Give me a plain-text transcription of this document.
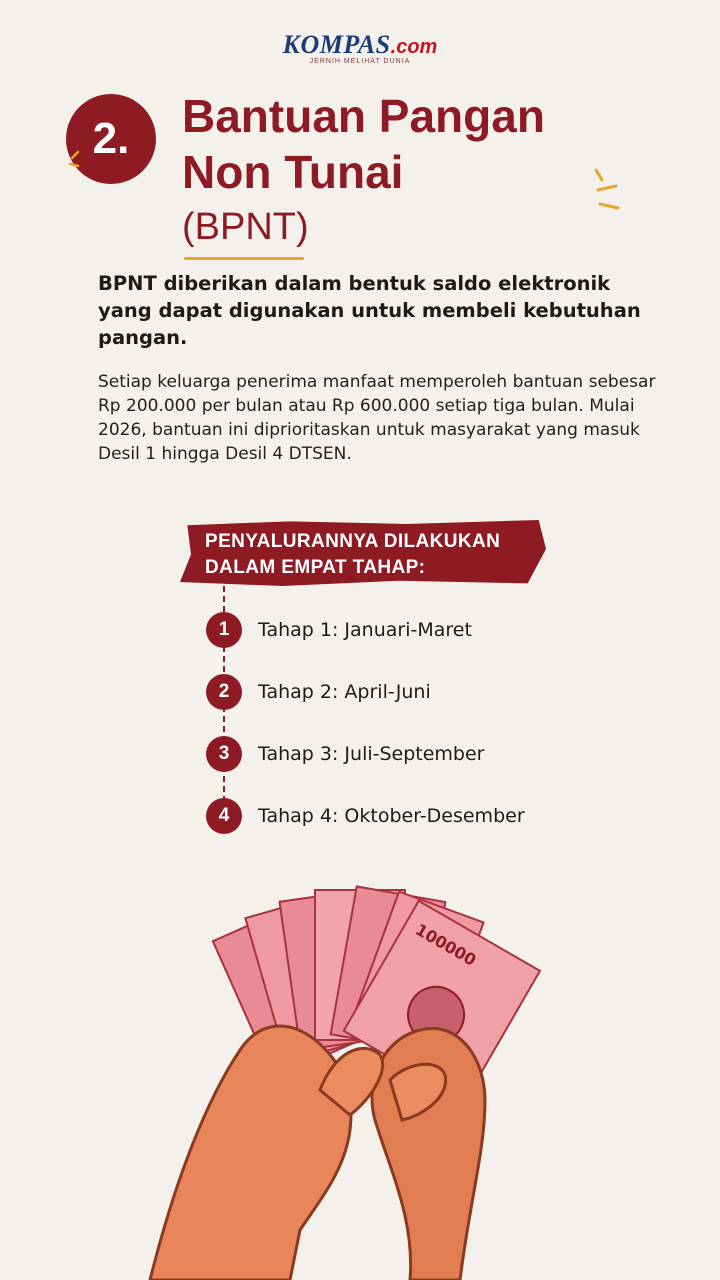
KOMPAS.com
JERNIH MELIHAT DUNIA
2.	Bantuan Pangan
Non Tunai
(BPNT)
BPNT diberikan dalam bentuk saldo elektronik yang dapat digunakan untuk membeli kebutuhan pangan.
Setiap keluarga penerima manfaat memperoleh bantuan sebesar Rp 200.000 per bulan atau Rp 600.000 setiap tiga bulan. Mulai 2026, bantuan ini diprioritaskan untuk masyarakat yang masuk Desil 1 hingga Desil 4 DTSEN.
PENYALURANNYA DILAKUKAN
DALAM EMPAT TAHAP:
1	Tahap 1: Januari-Maret
2	Tahap 2: April-Juni
3	Tahap 3: Juli-September
4	Tahap 4: Oktober-Desember
100000
